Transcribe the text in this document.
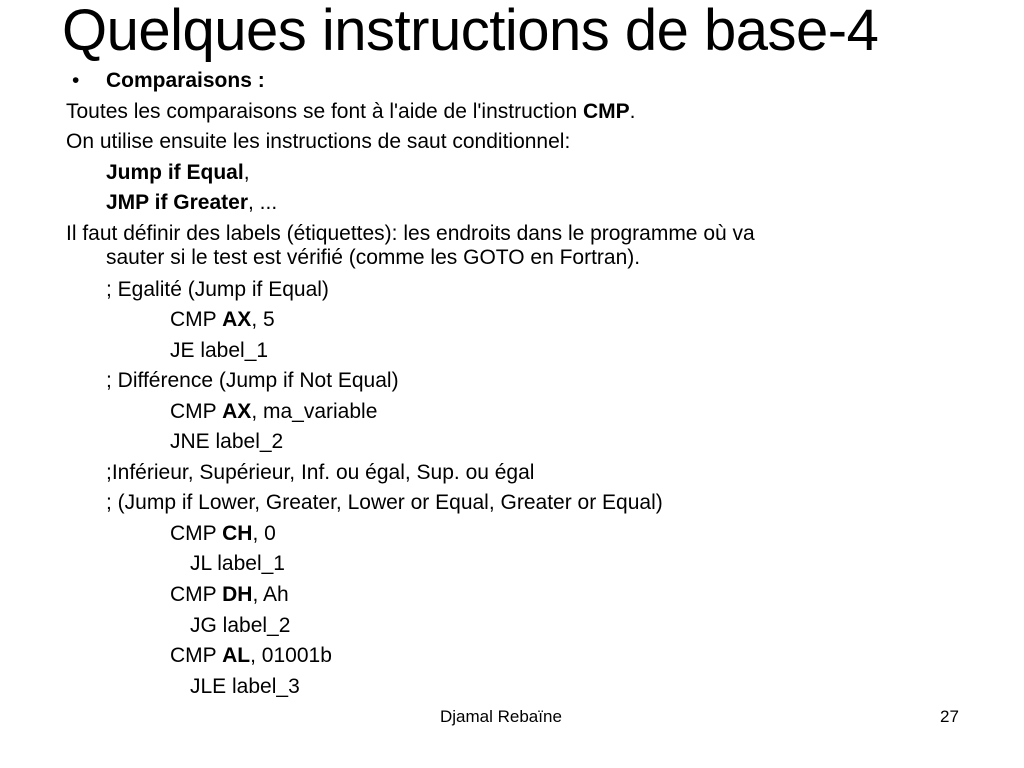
Quelques instructions de base-4
• Comparaisons :
Toutes les comparaisons se font à l'aide de l'instruction CMP.
On utilise ensuite les instructions de saut conditionnel:
Jump if Equal,
JMP if Greater, ...
Il faut définir des labels (étiquettes): les endroits dans le programme où va
sauter si le test est vérifié (comme les GOTO en Fortran).
; Egalité (Jump if Equal)
CMP AX, 5
JE label_1
; Différence (Jump if Not Equal)
CMP AX, ma_variable
JNE label_2
;Inférieur, Supérieur, Inf. ou égal, Sup. ou égal
; (Jump if Lower, Greater, Lower or Equal, Greater or Equal)
CMP CH, 0
JL label_1
CMP DH, Ah
JG label_2
CMP AL, 01001b
JLE label_3
Djamal Rebaïne	27
